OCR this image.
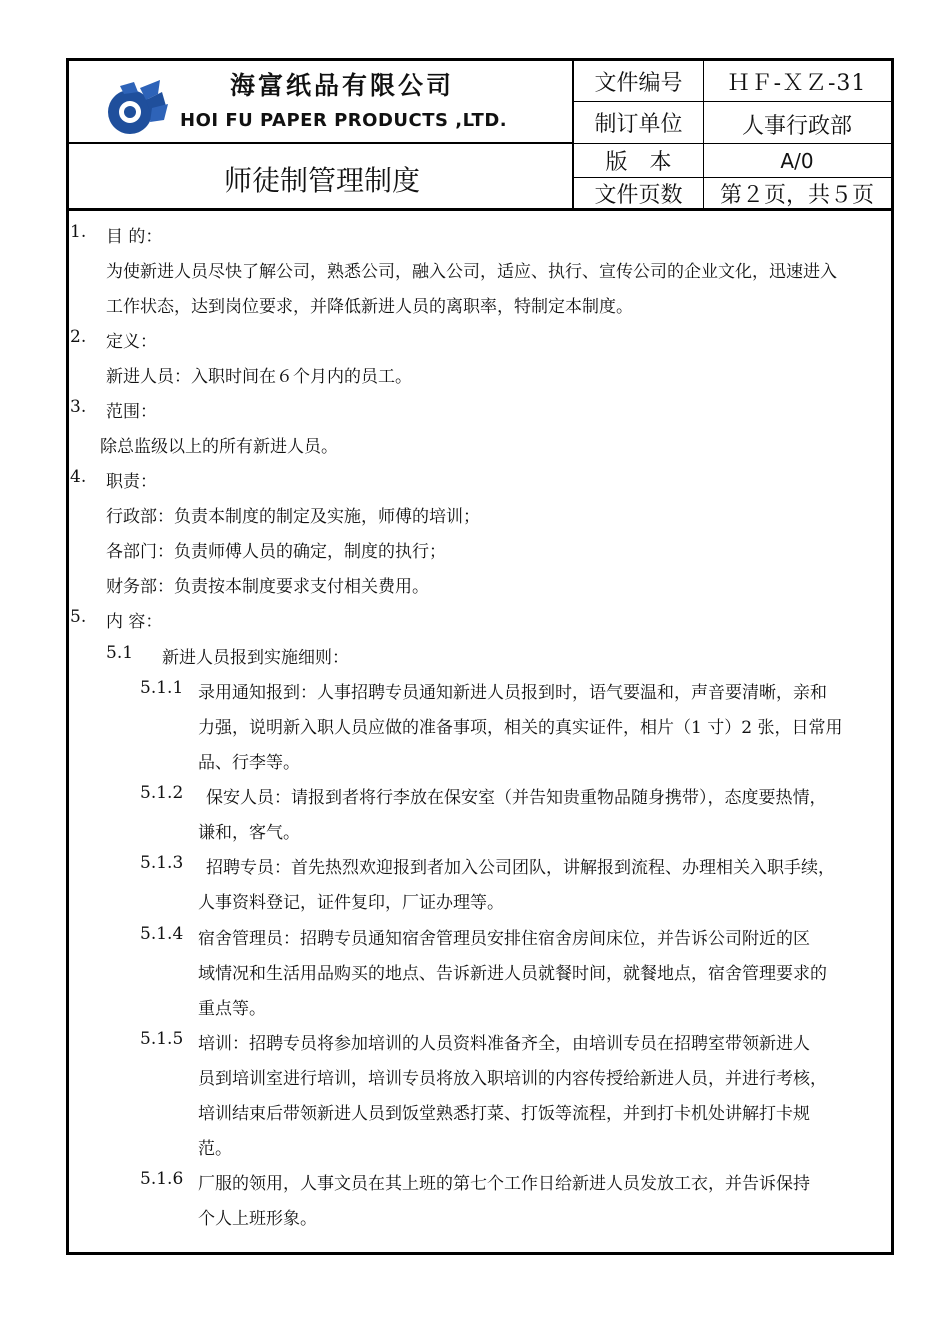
海富纸品有限公司
HOI FU PAPER PRODUCTS ,LTD.
师徒制管理制度
文件编号	ＨＦ-ＸＺ-31
制订单位	人事行政部
版　本	A/0
文件页数	第２页，共５页
1. 目 的：
为使新进人员尽快了解公司，熟悉公司，融入公司，适应、执行、宣传公司的企业文化，迅速进入
工作状态，达到岗位要求，并降低新进人员的离职率，特制定本制度。
2. 定义：
新进人员：入职时间在６个月内的员工。
3. 范围：
除总监级以上的所有新进人员。
4. 职责：
行政部：负责本制度的制定及实施，师傅的培训；
各部门：负责师傅人员的确定，制度的执行；
财务部：负责按本制度要求支付相关费用。
5. 内 容：
5.1 新进人员报到实施细则：
5.1.1 录用通知报到：人事招聘专员通知新进人员报到时，语气要温和，声音要清晰，亲和
力强，说明新入职人员应做的准备事项，相关的真实证件，相片（1 寸）2 张，日常用
品、行李等。
5.1.2 保安人员：请报到者将行李放在保安室（并告知贵重物品随身携带），态度要热情，
谦和，客气。
5.1.3 招聘专员：首先热烈欢迎报到者加入公司团队，讲解报到流程、办理相关入职手续，
人事资料登记，证件复印，厂证办理等。
5.1.4 宿舍管理员：招聘专员通知宿舍管理员安排住宿舍房间床位，并告诉公司附近的区
域情况和生活用品购买的地点、告诉新进人员就餐时间，就餐地点，宿舍管理要求的
重点等。
5.1.5 培训：招聘专员将参加培训的人员资料准备齐全，由培训专员在招聘室带领新进人
员到培训室进行培训，培训专员将放入职培训的内容传授给新进人员，并进行考核，
培训结束后带领新进人员到饭堂熟悉打菜、打饭等流程，并到打卡机处讲解打卡规
范。
5.1.6 厂服的领用，人事文员在其上班的第七个工作日给新进人员发放工衣，并告诉保持
个人上班形象。
